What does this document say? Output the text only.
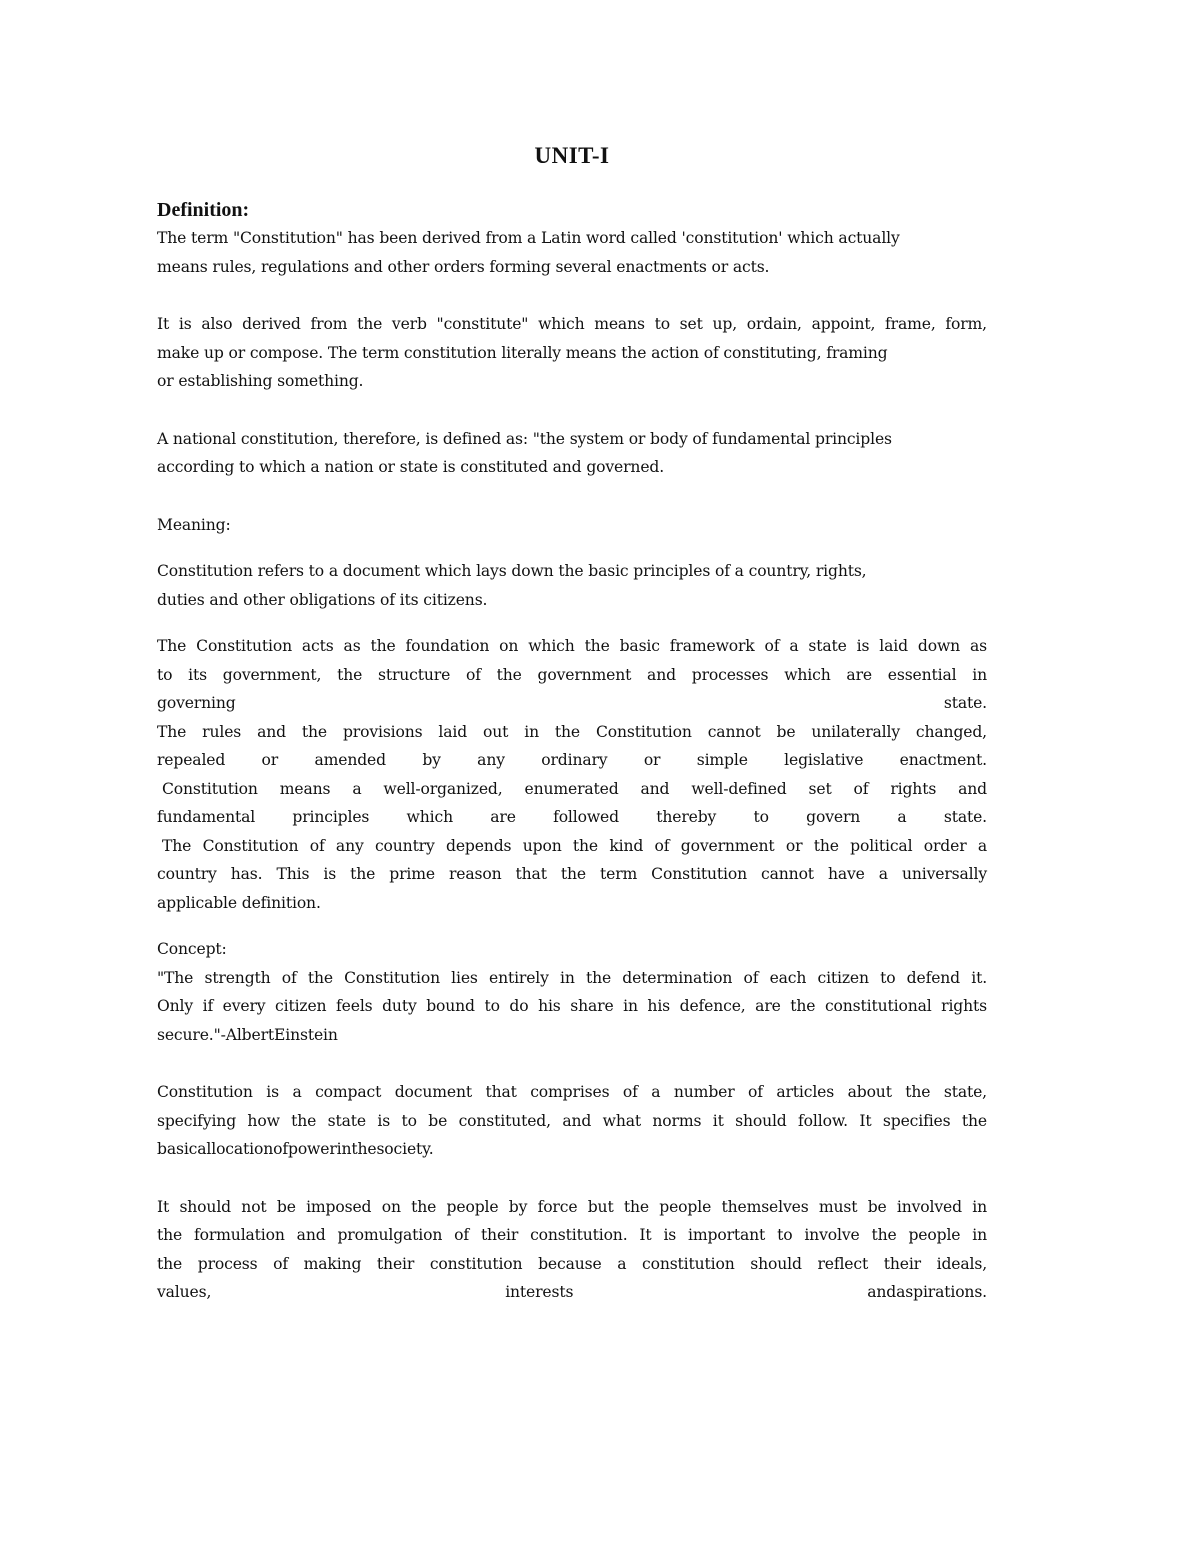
UNIT-I
Definition:
The term "Constitution" has been derived from a Latin word called 'constitution' which actually
means rules, regulations and other orders forming several enactments or acts.
It is also derived from the verb "constitute" which means to set up, ordain, appoint, frame, form,
make up or compose. The term constitution literally means the action of constituting, framing
or establishing something.
A national constitution, therefore, is defined as: "the system or body of fundamental principles
according to which a nation or state is constituted and governed.
Meaning:
Constitution refers to a document which lays down the basic principles of a country, rights,
duties and other obligations of its citizens.
The Constitution acts as the foundation on which the basic framework of a state is laid down as
to its government, the structure of the government and processes which are essential in
governing state.
The rules and the provisions laid out in the Constitution cannot be unilaterally changed,
repealed or amended by any ordinary or simple legislative enactment.
Constitution means a well-organized, enumerated and well-defined set of rights and
fundamental principles which are followed thereby to govern a state.
The Constitution of any country depends upon the kind of government or the political order a
country has. This is the prime reason that the term Constitution cannot have a universally
applicable definition.
Concept:
"The strength of the Constitution lies entirely in the determination of each citizen to defend it.
Only if every citizen feels duty bound to do his share in his defence, are the constitutional rights
secure."-AlbertEinstein
Constitution is a compact document that comprises of a number of articles about the state,
specifying how the state is to be constituted, and what norms it should follow. It specifies the
basicallocationofpowerinthesociety.
It should not be imposed on the people by force but the people themselves must be involved in
the formulation and promulgation of their constitution. It is important to involve the people in
the process of making their constitution because a constitution should reflect their ideals,
values, interests andaspirations.
